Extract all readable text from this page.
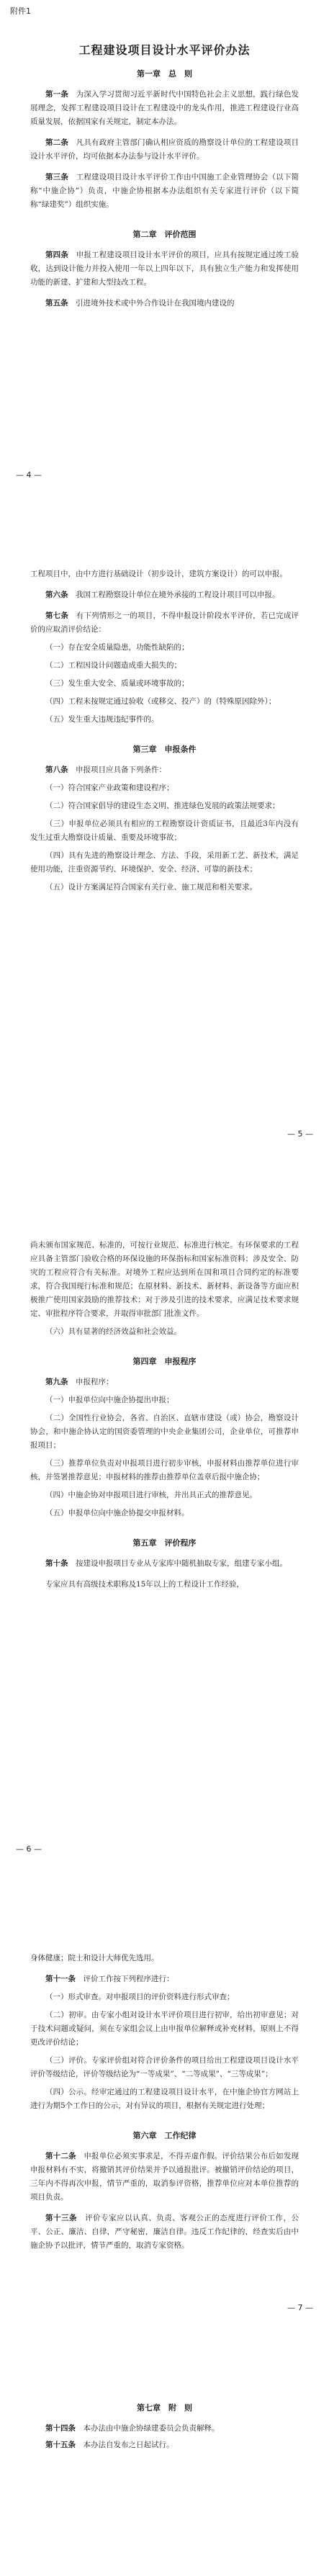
附件1
工程建设项目设计水平评价办法
第一章　总　则

第一条　 为深入学习贯彻习近平新时代中国特色社会主义思想，践行绿色发展理念，发挥工程建设项目设计在工程建设中的龙头作用，推进工程建设行业高质量发展，依据国家有关规定，制定本办法。

第二条　 凡具有政府主管部门确认相应资质的勘察设计单位的工程建设项目设计水平评价，均可依据本办法参与设计水平评价。

第三条　 工程建设项目设计水平评价工作由中国施工企业管理协会（以下简称“中施企协”）负责，中施企协根据本办法组织有关专家进行评价（以下简称“绿建奖”）组织实施。

第二章　评价范围

第四条　 申报工程建设项目设计水平评价的项目，应具有按规定通过竣工验收，达到设计能力并投入使用一年以上四年以下，具有独立生产能力和发挥使用功能的新建、扩建和大型技改工程。

第五条　 引进境外技术或中外合作设计在我国境内建设的

— 4 —

工程项目中，由中方进行基础设计（初步设计，建筑方案设计）的可以申报。

第六条　 我国工程勘察设计单位在境外承接的工程设计项目可以申报。

第七条　 有下列情形之一的项目，不得申报设计阶段水平评价，若已完成评价的应取消评价结论：

（一）存在安全质量隐患，功能性缺陷的；

（二）工程因设计问题造成重大损失的；

（三）发生重大安全、质量或环境事故的；

（四）工程未按规定通过验收（或移交、投产）的（特殊原因除外）；

（五）发生重大违规违纪事件的。

第三章　申报条件

第八条　 申报项目应具备下列条件：

（一）符合国家产业政策和建设程序；

（二）符合国家倡导的建设生态文明、推进绿色发展的政策法规要求；

（三）申报单位必须具有相应的工程勘察设计资质证书，且最近3年内没有发生过重大勘察设计质量、重要及环境事故；

（四）具有先进的勘察设计理念、方法、手段，采用新工艺、新技术，满足使用功能，注重资源节约、环境保护、安全、经济、可靠的新技术；

（五）设计方案满足符合国家有关行业、施工规范和相关要求。

— 5 —

尚未颁布国家规范、标准的，可按行业规范、标准进行核定。有环保要求的工程应具备主管部门验收合格的环保设施的环保指标和国家标准资料；涉及安全、防灾的工程应符合有关标准。对境外工程应达到所在国和项目合同约定的标准要求，符合我国现行标准和规范；在原材料、新技术、新材料、新设备等方面应积极推广使用国家鼓励的推荐技术；对于涉及引进的技术要求，应满足技术要求规定、审批程序符合要求，并取得审批部门批准文件。

（六）具有显著的经济效益和社会效益。

第四章　申报程序

第九条　 申报程序：

（一）申报单位向中施企协提出申报；

（二）全国性行业协会，各省、自治区、直辖市建设（或）协会，勘察设计协会，和中施企协认定的国资委管理的中央企业集团公司，企业单位，可推荐申报项目；

（三）推荐单位负责对申报项目进行初步审核，申报材料由推荐单位进行审核，并签署推荐意见；申报材料的推荐由推荐单位盖章后报中施企协；

（四）中施企协对申报项目进行审核，并出具正式的推荐意见。

（五）申报单位向中施企协提交申报材料。

第五章　评价程序

第十条　 按建设申报项目专业从专家库中随机抽取专家，组建专家小组。

专家应具有高级技术职称及15年以上的工程设计工作经验，

— 6 —

身体健康；院士和设计大师优先选用。

第十一条　 评价工作按下列程序进行：

（一）形式审查。对申报项目的评价资料进行形式审查；

（二）初审。由专家小组对设计水平评价项目进行初审，给出初审意见；对于技术问题或疑问，须在专家组会议上由申报单位解释或补充材料，原则上不得更改评价结论；

（三）评价。专家评价组对符合评价条件的项目给出工程建设项目设计水平评价等级结论，评价等级结论为“一等成果”、“二等成果”、“三等成果”；

（四）公示。经审定通过的工程建设项目设计水平，在中施企协官方网站上进行为期5个工作日的公示，对有异议的项目，根据有关规定进行处理；

第六章　工作纪律

第十二条　 申报单位必须实事求是，不得弄虚作假。评价结果公布后如发现申报材料有不实，将撤销其评价结果并予以通报批评。被撤销评价结论的项目，三年内不得再次申报，情节严重的，取消参评资格，推荐单位应对本单位推荐的项目负责。

第十三条　 评价专家应以认真、负责、客观公正的态度进行评价工作，公平、公正、廉洁、自律，严守秘密，廉洁自律。违反工作纪律的，经查实后由中施企协予以批评，情节严重的，取消专家资格。

— 7 —
第七章　附　则

第十四条　 本办法由中施企协绿建委员会负责解释。

第十五条　 本办法自发布之日起试行。
